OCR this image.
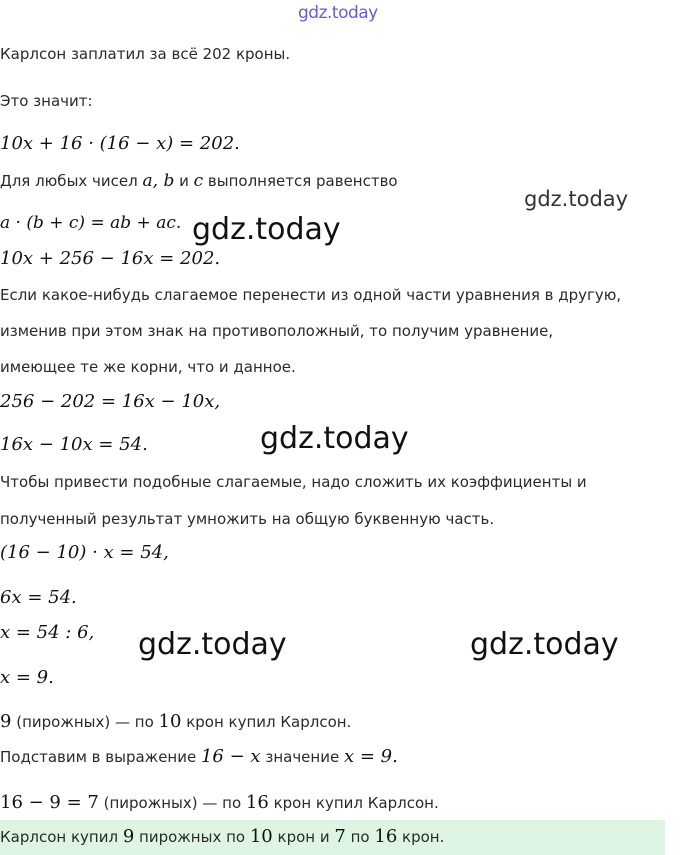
gdz.today
gdz.today
gdz.today
gdz.today
gdz.today	gdz.today
Карлсон заплатил за всё 202 кроны.
Это значит:
10x + 16 · (16 − x) = 202.
Для любых чисел a, b и c выполняется равенство
a · (b + c) = ab + ac.
10x + 256 − 16x = 202.
Если какое-нибудь слагаемое перенести из одной части уравнения в другую,
изменив при этом знак на противоположный, то получим уравнение,
имеющее те же корни, что и данное.
256 − 202 = 16x − 10x,
16x − 10x = 54.
Чтобы привести подобные слагаемые, надо сложить их коэффициенты и
полученный результат умножить на общую буквенную часть.
(16 − 10) · x = 54,
6x = 54.
x = 54 : 6,
x = 9.
9 (пирожных) — по 10 крон купил Карлсон.
Подставим в выражение 16 − x значение x = 9.
16 − 9 = 7 (пирожных) — по 16 крон купил Карлсон.
Карлсон купил 9 пирожных по 10 крон и 7 по 16 крон.
